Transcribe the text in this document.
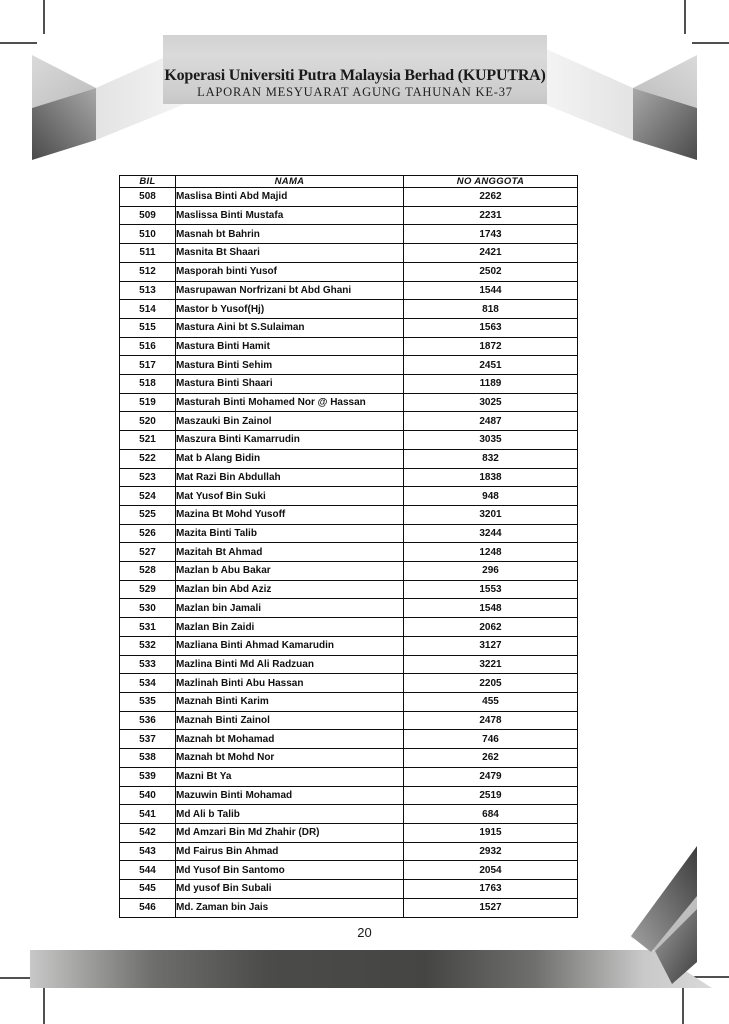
Koperasi Universiti Putra Malaysia Berhad (KUPUTRA)
LAPORAN MESYUARAT AGUNG TAHUNAN KE-37
BIL	NAMA	NO ANGGOTA
508	Maslisa Binti Abd Majid	2262
509	Maslissa Binti Mustafa	2231
510	Masnah bt Bahrin	1743
511	Masnita Bt Shaari	2421
512	Masporah binti Yusof	2502
513	Masrupawan Norfrizani bt Abd Ghani	1544
514	Mastor b Yusof(Hj)	818
515	Mastura Aini bt S.Sulaiman	1563
516	Mastura Binti Hamit	1872
517	Mastura Binti Sehim	2451
518	Mastura Binti Shaari	1189
519	Masturah Binti Mohamed Nor @ Hassan	3025
520	Maszauki Bin Zainol	2487
521	Maszura Binti Kamarrudin	3035
522	Mat b Alang Bidin	832
523	Mat Razi Bin Abdullah	1838
524	Mat Yusof Bin Suki	948
525	Mazina Bt Mohd Yusoff	3201
526	Mazita Binti Talib	3244
527	Mazitah Bt Ahmad	1248
528	Mazlan b Abu Bakar	296
529	Mazlan bin Abd Aziz	1553
530	Mazlan bin Jamali	1548
531	Mazlan Bin Zaidi	2062
532	Mazliana Binti Ahmad Kamarudin	3127
533	Mazlina Binti Md Ali Radzuan	3221
534	Mazlinah Binti Abu Hassan	2205
535	Maznah Binti Karim	455
536	Maznah Binti Zainol	2478
537	Maznah bt Mohamad	746
538	Maznah bt Mohd Nor	262
539	Mazni Bt Ya	2479
540	Mazuwin Binti Mohamad	2519
541	Md Ali b Talib	684
542	Md Amzari Bin Md Zhahir (DR)	1915
543	Md Fairus Bin Ahmad	2932
544	Md Yusof Bin Santomo	2054
545	Md yusof Bin Subali	1763
546	Md. Zaman bin Jais	1527
20
